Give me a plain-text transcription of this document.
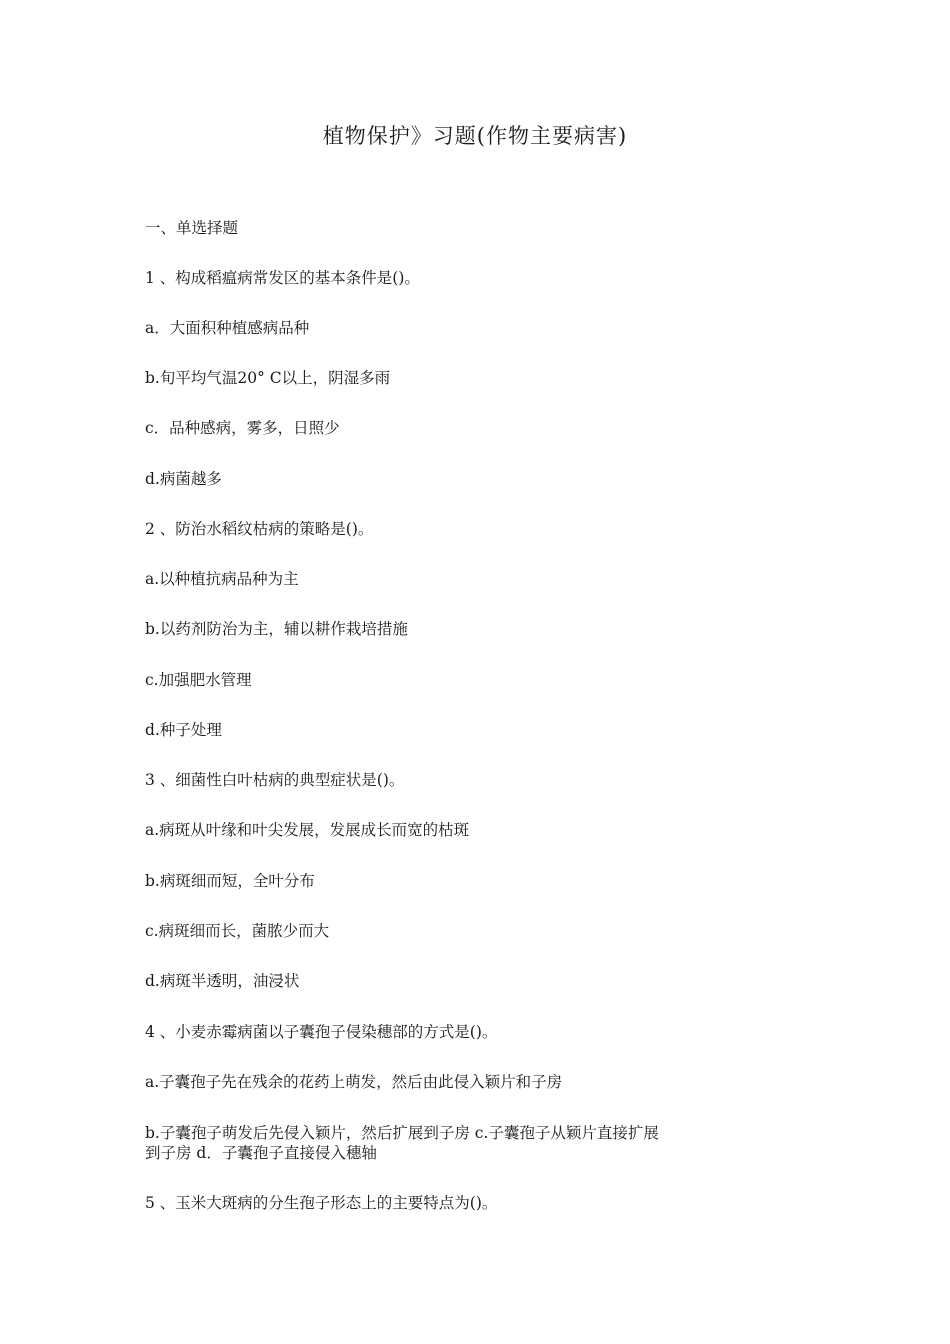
植物保护》习题(作物主要病害)
一、单选择题
1 、构成稻瘟病常发区的基本条件是()。
a．大面积种植感病品种
b.旬平均气温20° C以上，阴湿多雨
c．品种感病，雾多，日照少
d.病菌越多
2 、防治水稻纹枯病的策略是()。
a.以种植抗病品种为主
b.以药剂防治为主，辅以耕作栽培措施
c.加强肥水管理
d.种子处理
3 、细菌性白叶枯病的典型症状是()。
a.病斑从叶缘和叶尖发展，发展成长而宽的枯斑
b.病斑细而短，全叶分布
c.病斑细而长，菌脓少而大
d.病斑半透明，油浸状
4 、小麦赤霉病菌以子囊孢子侵染穗部的方式是()。
a.子囊孢子先在残余的花药上萌发，然后由此侵入颖片和子房
b.子囊孢子萌发后先侵入颖片，然后扩展到子房 c.子囊孢子从颖片直接扩展到子房 d．子囊孢子直接侵入穗轴
5 、玉米大斑病的分生孢子形态上的主要特点为()。
